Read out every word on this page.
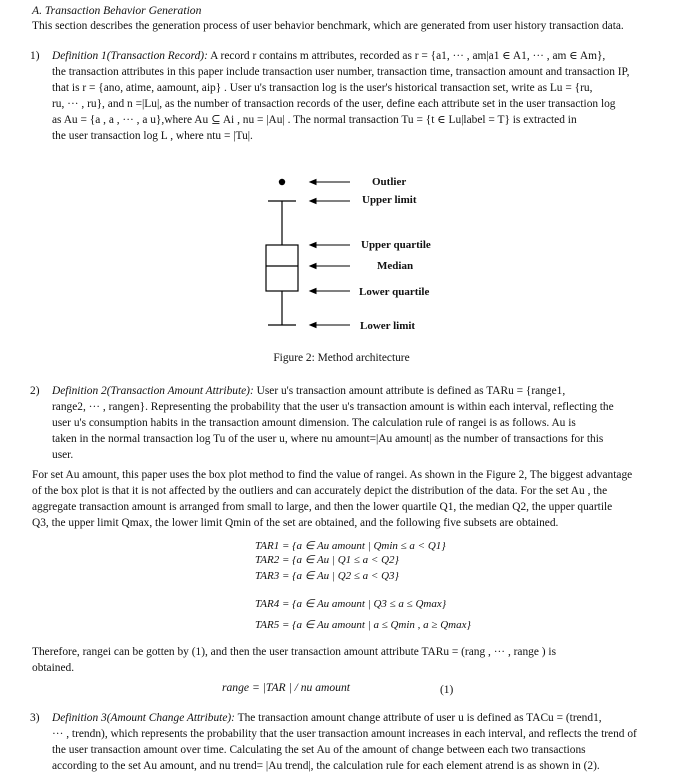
A. Transaction Behavior Generation
This section describes the generation process of user behavior benchmark, which are generated from user history transaction data.
1) Definition 1(Transaction Record): A record r contains m attributes, recorded as r = {a1, ··· , am|a1 ∈ A1, ··· , am ∈ Am},
the transaction attributes in this paper include transaction user number, transaction time, transaction amount and transaction IP,
that is r = {ano, atime, aamount, aip} . User u's transaction log is the user's historical transaction set, write as Lu = {ru,
ru, ··· , ru}, and n =|Lu|, as the number of transaction records of the user, define each attribute set in the user transaction log
as Au = {a , a , ··· , a u},where Au ⊆ Ai , nu = |Au| . The normal transaction Tu = {t ∈ Lu|label = T} is extracted in
the user transaction log L , where ntu = |Tu|.
Outlier
Upper limit
Upper quartile
Median
Lower quartile
Lower limit
Figure 2: Method architecture
2) Definition 2(Transaction Amount Attribute): User u's transaction amount attribute is defined as TARu = {range1,
range2, ··· , rangen}. Representing the probability that the user u's transaction amount is within each interval, reflecting the
user u's consumption habits in the transaction amount dimension. The calculation rule of rangei is as follows. Au is
taken in the normal transaction log Tu of the user u, where nu amount=|Au amount| as the number of transactions for this
user.
For set Au amount, this paper uses the box plot method to find the value of rangei. As shown in the Figure 2, The biggest advantage
of the box plot is that it is not affected by the outliers and can accurately depict the distribution of the data. For the set Au , the
aggregate transaction amount is arranged from small to large, and then the lower quartile Q1, the median Q2, the upper quartile
Q3, the upper limit Qmax, the lower limit Qmin of the set are obtained, and the following five subsets are obtained.
TAR1 = {a ∈ Au amount | Qmin ≤ a < Q1}
TAR2 = {a ∈ Au | Q1 ≤ a < Q2}
TAR3 = {a ∈ Au | Q2 ≤ a < Q3}
TAR4 = {a ∈ Au amount | Q3 ≤ a ≤ Qmax}
TAR5 = {a ∈ Au amount | a ≤ Qmin , a ≥ Qmax}
Therefore, rangei can be gotten by (1), and then the user transaction amount attribute TARu = (rang , ··· , range ) is
obtained.
range = |TAR | / nu amount	(1)
3) Definition 3(Amount Change Attribute): The transaction amount change attribute of user u is defined as TACu = (trend1,
··· , trendn), which represents the probability that the user transaction amount increases in each interval, and reflects the trend of
the user transaction amount over time. Calculating the set Au of the amount of change between each two transactions
according to the set Au amount, and nu trend= |Au trend|, the calculation rule for each element atrend is as shown in (2).
